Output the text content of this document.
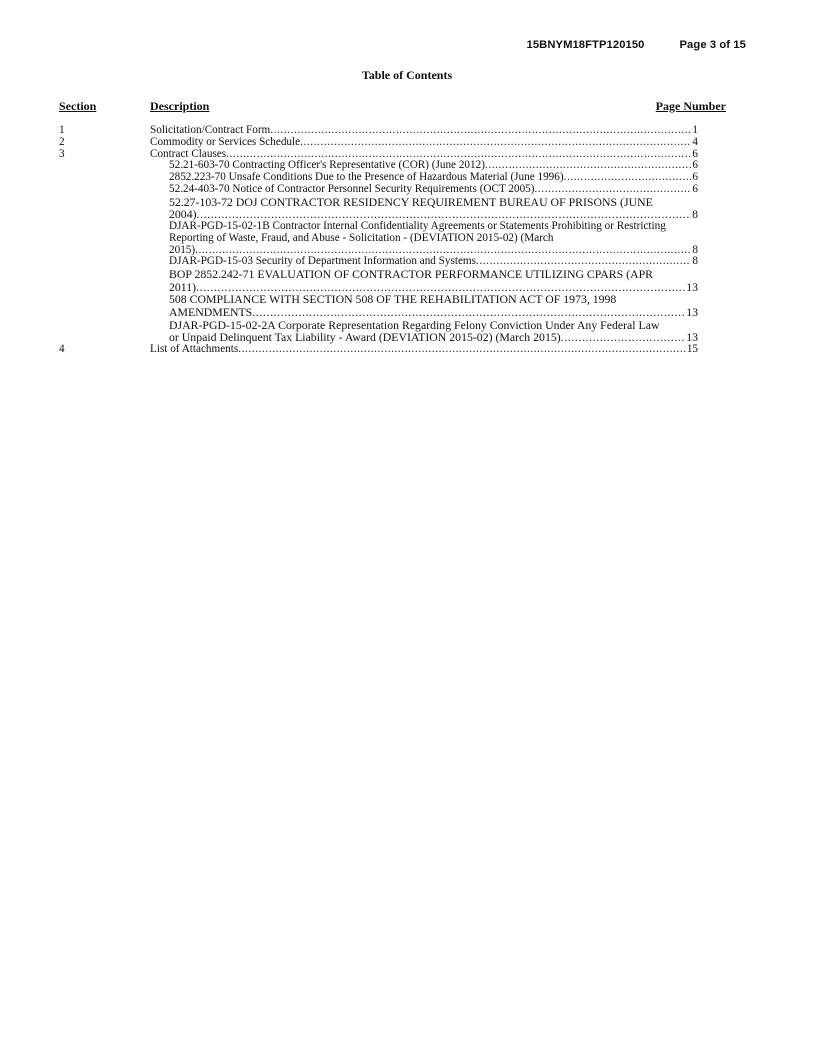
15BNYM18FTP120150	Page 3 of 15
Table of Contents
Section	Description	Page Number
1	Solicitation/Contract Form .....	1
2	Commodity or Services Schedule .....	4
3	Contract Clauses .....	6
52.21-603-70 Contracting Officer's Representative (COR) (June 2012) .....	6
2852.223-70 Unsafe Conditions Due to the Presence of Hazardous Material (June 1996) .....	6
52.24-403-70 Notice of Contractor Personnel Security Requirements (OCT 2005) .....	6
52.27-103-72 DOJ CONTRACTOR RESIDENCY REQUIREMENT BUREAU OF PRISONS (JUNE
2004) .....	8
DJAR-PGD-15-02-1B Contractor Internal Confidentiality Agreements or Statements Prohibiting or Restricting Reporting of Waste, Fraud, and Abuse - Solicitation - (DEVIATION 2015-02) (March
2015) .....	8
DJAR-PGD-15-03 Security of Department Information and Systems .....	8
BOP 2852.242-71 EVALUATION OF CONTRACTOR PERFORMANCE UTILIZING CPARS (APR
2011) .....	13
508 COMPLIANCE WITH SECTION 508 OF THE REHABILITATION ACT OF 1973, 1998
AMENDMENTS .....	13
DJAR-PGD-15-02-2A Corporate Representation Regarding Felony Conviction Under Any Federal Law
or Unpaid Delinquent Tax Liability - Award (DEVIATION 2015-02) (March 2015) .....	13
4	List of Attachments .....	15
